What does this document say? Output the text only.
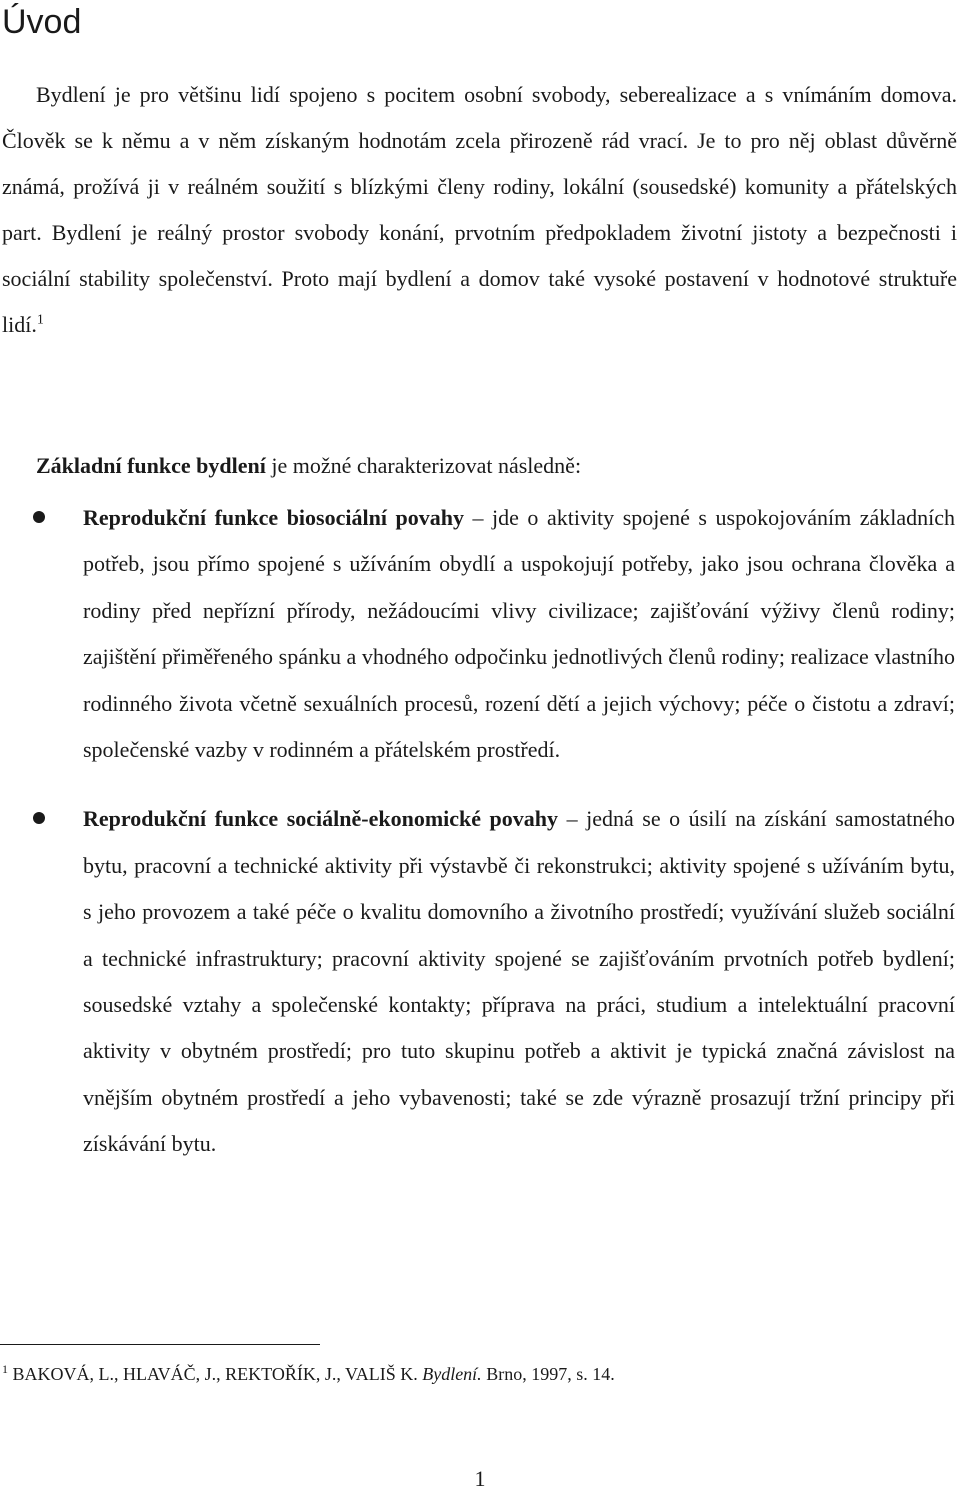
Úvod

Bydlení je pro většinu lidí spojeno s pocitem osobní svobody, seberealizace a s vnímáním domova. Člověk se k němu a v něm získaným hodnotám zcela přirozeně rád vrací. Je to pro něj oblast důvěrně známá, prožívá ji v reálném soužití s blízkými členy rodiny, lokální (sousedské) komunity a přátelských part. Bydlení je reálný prostor svobody konání, prvotním předpokladem životní jistoty a bezpečnosti i sociální stability společenství. Proto mají bydlení a domov také vysoké postavení v hodnotové struktuře lidí.$^1$

Základní funkce bydlení je možné charakterizovat následně:

Reprodukční funkce biosociální povahy – jde o aktivity spojené s uspokojováním základních potřeb, jsou přímo spojené s užíváním obydlí a uspokojují potřeby, jako jsou ochrana člověka a rodiny před nepřízní přírody, nežádoucími vlivy civilizace; zajišťování výživy členů rodiny; zajištění přiměřeného spánku a vhodného odpočinku jednotlivých členů rodiny; realizace vlastního rodinného života včetně sexuálních procesů, rození dětí a jejich výchovy; péče o čistotu a zdraví; společenské vazby v rodinném a přátelském prostředí.
Reprodukční funkce sociálně-ekonomické povahy – jedná se o úsilí na získání samostatného bytu, pracovní a technické aktivity při výstavbě či rekonstrukci; aktivity spojené s užíváním bytu, s jeho provozem a také péče o kvalitu domovního a životního prostředí; využívání služeb sociální a technické infrastruktury; pracovní aktivity spojené se zajišťováním prvotních potřeb bydlení; sousedské vztahy a společenské kontakty; příprava na práci, studium a intelektuální pracovní aktivity v obytném prostředí; pro tuto skupinu potřeb a aktivit je typická značná závislost na vnějším obytném prostředí a jeho vybavenosti; také se zde výrazně prosazují tržní principy při získávání bytu.

$^1$ BAKOVÁ, L., HLAVÁČ, J., REKTOŘÍK, J., VALIŠ K. Bydlení. Brno, 1997, s. 14.

1
